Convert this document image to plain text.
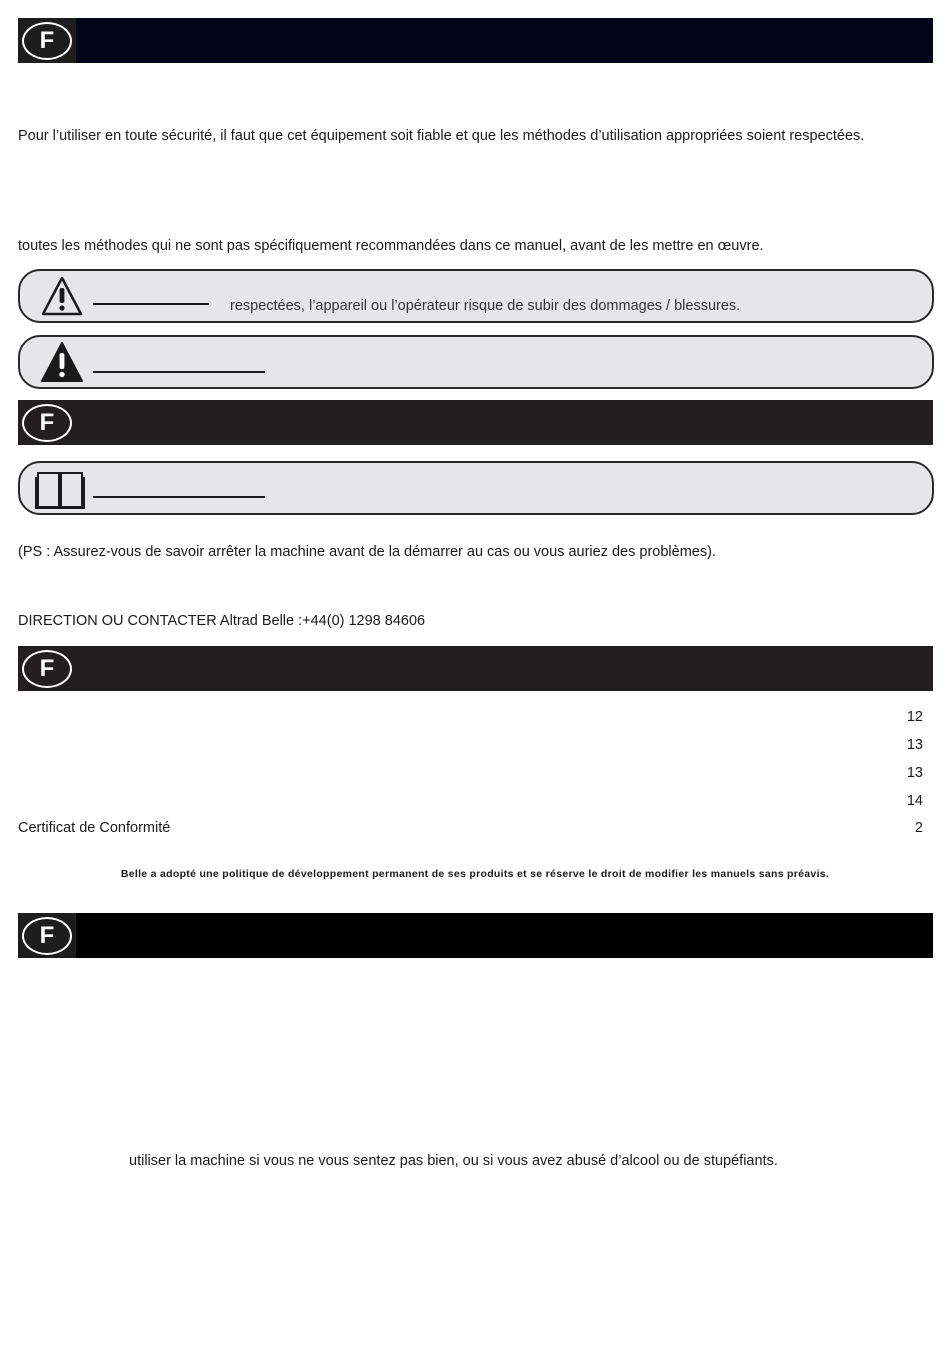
F
Pour l’utiliser en toute sécurité, il faut que cet équipement soit fiable et que les méthodes d’utilisation appropriées soient respectées.
toutes les méthodes qui ne sont pas spécifiquement recommandées dans ce manuel, avant de les mettre en œuvre.
respectées, l’appareil ou l’opérateur risque de subir des dommages / blessures.
F
(PS : Assurez-vous de savoir arrêter la machine avant de la démarrer au cas ou vous auriez des problèmes).
DIRECTION OU CONTACTER Altrad Belle :+44(0) 1298 84606
F
12
13
13
14
Certificat de Conformité	2
Belle a adopté une politique de développement permanent de ses produits et se réserve le droit de modifier les manuels sans préavis.
F
utiliser la machine si vous ne vous sentez pas bien, ou si vous avez abusé d’alcool ou de stupéfiants.
